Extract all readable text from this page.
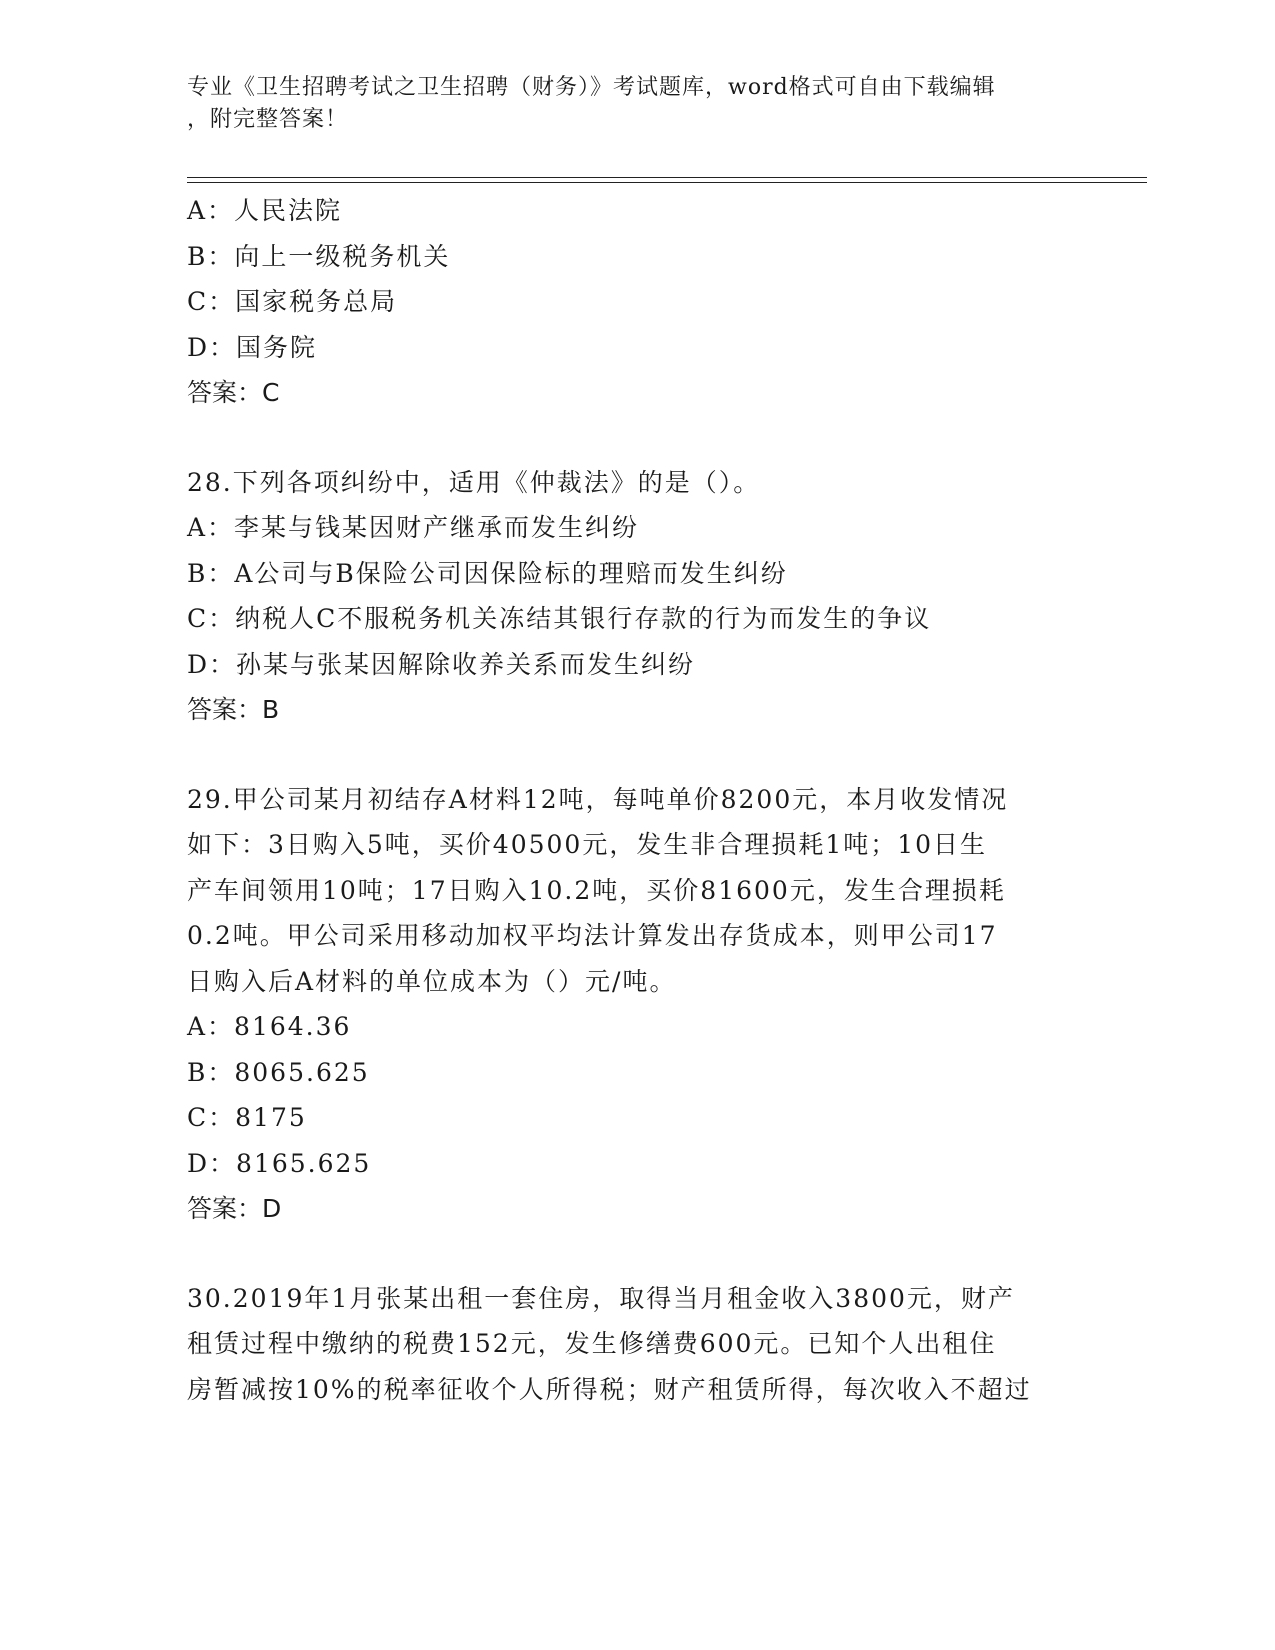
专业《卫生招聘考试之卫生招聘（财务）》考试题库，word格式可自由下载编辑
，附完整答案！
A：人民法院
B：向上一级税务机关
C：国家税务总局
D：国务院
答案：C
28.下列各项纠纷中，适用《仲裁法》的是（）。
A：李某与钱某因财产继承而发生纠纷
B：A公司与B保险公司因保险标的理赔而发生纠纷
C：纳税人C不服税务机关冻结其银行存款的行为而发生的争议
D：孙某与张某因解除收养关系而发生纠纷
答案：B
29.甲公司某月初结存A材料12吨，每吨单价8200元，本月收发情况
如下：3日购入5吨，买价40500元，发生非合理损耗1吨；10日生
产车间领用10吨；17日购入10.2吨，买价81600元，发生合理损耗
0.2吨。甲公司采用移动加权平均法计算发出存货成本，则甲公司17
日购入后A材料的单位成本为（）元/吨。
A：8164.36
B：8065.625
C：8175
D：8165.625
答案：D
30.2019年1月张某出租一套住房，取得当月租金收入3800元，财产
租赁过程中缴纳的税费152元，发生修缮费600元。已知个人出租住
房暂减按10%的税率征收个人所得税；财产租赁所得，每次收入不超过
